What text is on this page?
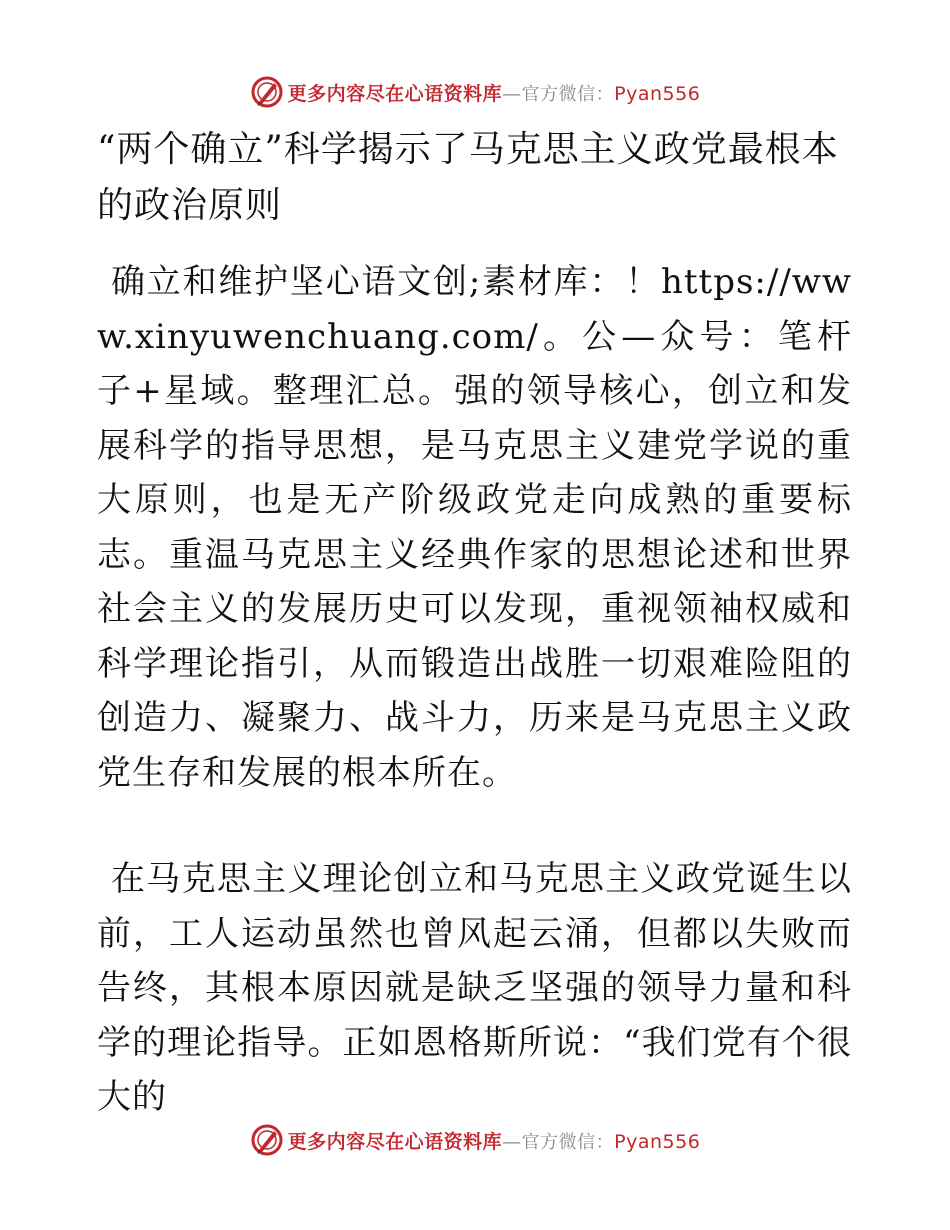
更多内容尽在心语资料库—官方微信：Pyan556
“两个确立”科学揭示了马克思主义政党最根本的政治原则

确立和维护坚心语文创;素材库：！https://www.xinyuwenchuang.com/。公—众号：笔杆子+星域。整理汇总。强的领导核心，创立和发展科学的指导思想，是马克思主义建党学说的重大原则，也是无产阶级政党走向成熟的重要标志。重温马克思主义经典作家的思想论述和世界社会主义的发展历史可以发现，重视领袖权威和科学理论指引，从而锻造出战胜一切艰难险阻的创造力、凝聚力、战斗力，历来是马克思主义政党生存和发展的根本所在。

在马克思主义理论创立和马克思主义政党诞生以前，工人运动虽然也曾风起云涌，但都以失败而告终，其根本原因就是缺乏坚强的领导力量和科学的理论指导。正如恩格斯所说：“我们党有个很大的

更多内容尽在心语资料库—官方微信：Pyan556
